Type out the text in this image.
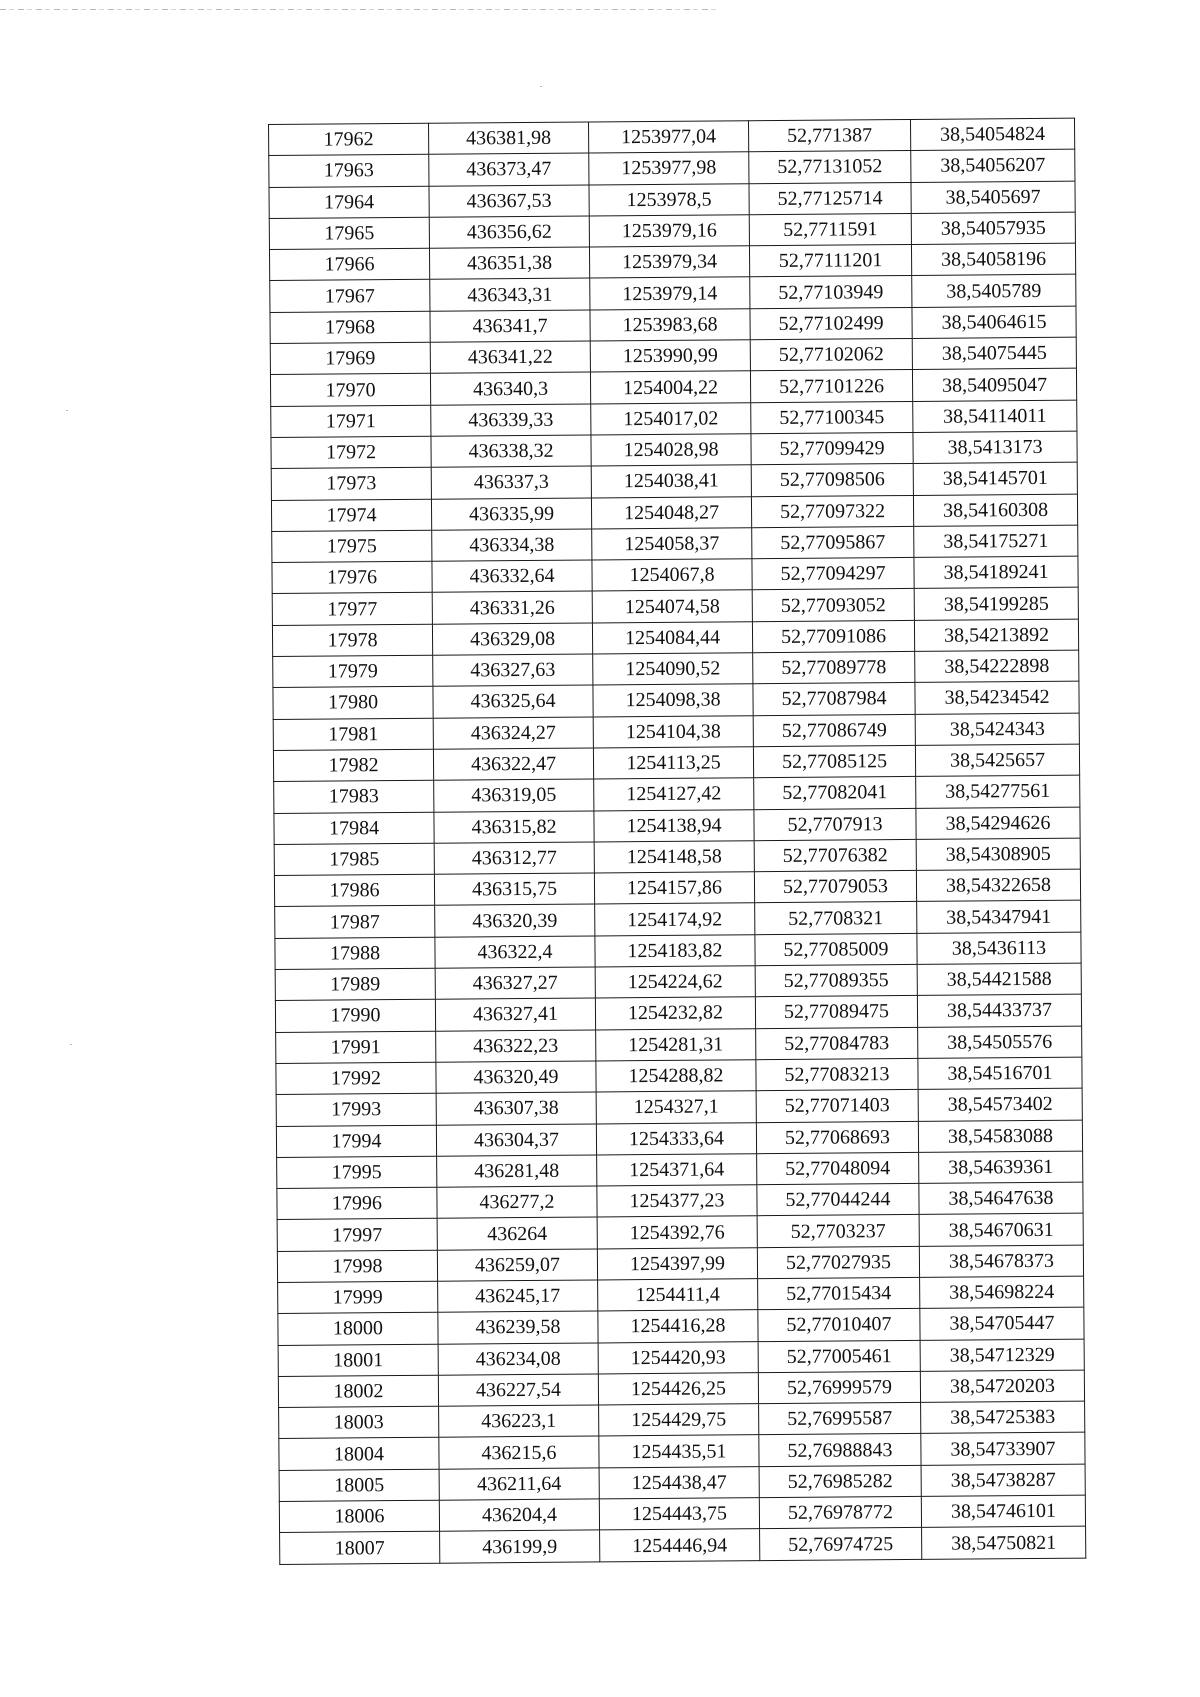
17962	436381,98	1253977,04	52,771387	38,54054824
17963	436373,47	1253977,98	52,77131052	38,54056207
17964	436367,53	1253978,5	52,77125714	38,5405697
17965	436356,62	1253979,16	52,7711591	38,54057935
17966	436351,38	1253979,34	52,77111201	38,54058196
17967	436343,31	1253979,14	52,77103949	38,5405789
17968	436341,7	1253983,68	52,77102499	38,54064615
17969	436341,22	1253990,99	52,77102062	38,54075445
17970	436340,3	1254004,22	52,77101226	38,54095047
17971	436339,33	1254017,02	52,77100345	38,54114011
17972	436338,32	1254028,98	52,77099429	38,5413173
17973	436337,3	1254038,41	52,77098506	38,54145701
17974	436335,99	1254048,27	52,77097322	38,54160308
17975	436334,38	1254058,37	52,77095867	38,54175271
17976	436332,64	1254067,8	52,77094297	38,54189241
17977	436331,26	1254074,58	52,77093052	38,54199285
17978	436329,08	1254084,44	52,77091086	38,54213892
17979	436327,63	1254090,52	52,77089778	38,54222898
17980	436325,64	1254098,38	52,77087984	38,54234542
17981	436324,27	1254104,38	52,77086749	38,5424343
17982	436322,47	1254113,25	52,77085125	38,5425657
17983	436319,05	1254127,42	52,77082041	38,54277561
17984	436315,82	1254138,94	52,7707913	38,54294626
17985	436312,77	1254148,58	52,77076382	38,54308905
17986	436315,75	1254157,86	52,77079053	38,54322658
17987	436320,39	1254174,92	52,7708321	38,54347941
17988	436322,4	1254183,82	52,77085009	38,5436113
17989	436327,27	1254224,62	52,77089355	38,54421588
17990	436327,41	1254232,82	52,77089475	38,54433737
17991	436322,23	1254281,31	52,77084783	38,54505576
17992	436320,49	1254288,82	52,77083213	38,54516701
17993	436307,38	1254327,1	52,77071403	38,54573402
17994	436304,37	1254333,64	52,77068693	38,54583088
17995	436281,48	1254371,64	52,77048094	38,54639361
17996	436277,2	1254377,23	52,77044244	38,54647638
17997	436264	1254392,76	52,7703237	38,54670631
17998	436259,07	1254397,99	52,77027935	38,54678373
17999	436245,17	1254411,4	52,77015434	38,54698224
18000	436239,58	1254416,28	52,77010407	38,54705447
18001	436234,08	1254420,93	52,77005461	38,54712329
18002	436227,54	1254426,25	52,76999579	38,54720203
18003	436223,1	1254429,75	52,76995587	38,54725383
18004	436215,6	1254435,51	52,76988843	38,54733907
18005	436211,64	1254438,47	52,76985282	38,54738287
18006	436204,4	1254443,75	52,76978772	38,54746101
18007	436199,9	1254446,94	52,76974725	38,54750821
